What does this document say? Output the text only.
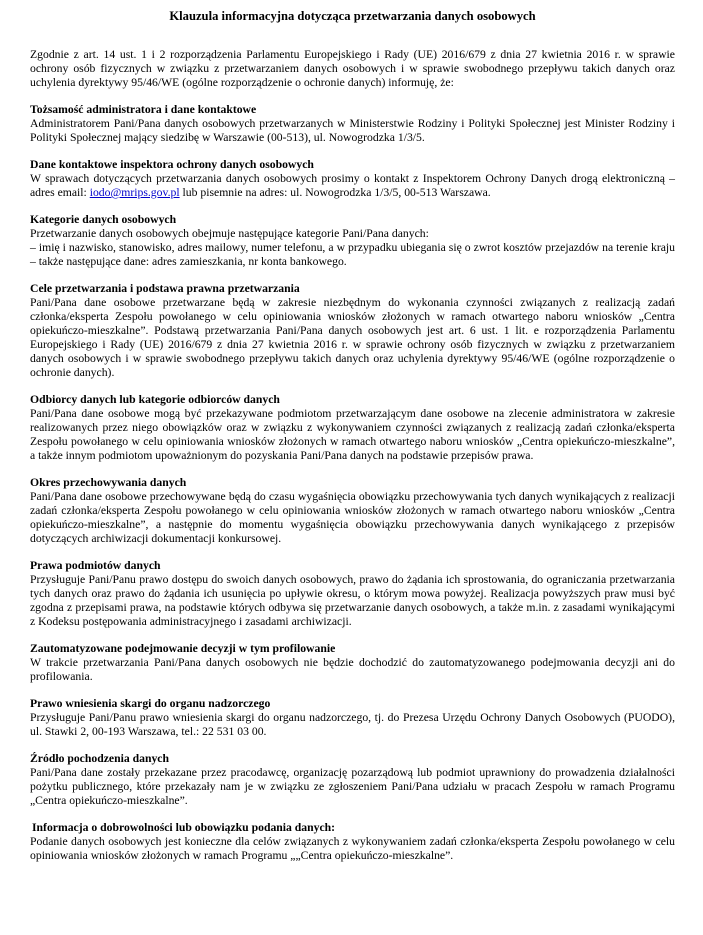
Klauzula informacyjna dotycząca przetwarzania danych osobowych

Zgodnie z art. 14 ust. 1 i 2 rozporządzenia Parlamentu Europejskiego i Rady (UE) 2016/679 z dnia 27 kwietnia 2016 r. w sprawie ochrony osób fizycznych w związku z przetwarzaniem danych osobowych i w sprawie swobodnego przepływu takich danych oraz uchylenia dyrektywy 95/46/WE (ogólne rozporządzenie o ochronie danych) informuję, że:

Tożsamość administratora i dane kontaktowe

Administratorem Pani/Pana danych osobowych przetwarzanych w Ministerstwie Rodziny i Polityki Społecznej jest Minister Rodziny i Polityki Społecznej mający siedzibę w Warszawie (00-513), ul. Nowogrodzka 1/3/5.

Dane kontaktowe inspektora ochrony danych osobowych

W sprawach dotyczących przetwarzania danych osobowych prosimy o kontakt z Inspektorem Ochrony Danych drogą elektroniczną – adres email: iodo@mrips.gov.pl lub pisemnie na adres: ul. Nowogrodzka 1/3/5, 00-513 Warszawa.

Kategorie danych osobowych

Przetwarzanie danych osobowych obejmuje następujące kategorie Pani/Pana danych:

– imię i nazwisko, stanowisko, adres mailowy, numer telefonu, a w przypadku ubiegania się o zwrot kosztów przejazdów na terenie kraju – także następujące dane: adres zamieszkania, nr konta bankowego.

Cele przetwarzania i podstawa prawna przetwarzania

Pani/Pana dane osobowe przetwarzane będą w zakresie niezbędnym do wykonania czynności związanych z realizacją zadań członka/eksperta Zespołu powołanego w celu opiniowania wniosków złożonych w ramach otwartego naboru wniosków „Centra opiekuńczo-mieszkalne”. Podstawą przetwarzania Pani/Pana danych osobowych jest art. 6 ust. 1 lit. e rozporządzenia Parlamentu Europejskiego i Rady (UE) 2016/679 z dnia 27 kwietnia 2016 r. w sprawie ochrony osób fizycznych w związku z przetwarzaniem danych osobowych i w sprawie swobodnego przepływu takich danych oraz uchylenia dyrektywy 95/46/WE (ogólne rozporządzenie o ochronie danych).

Odbiorcy danych lub kategorie odbiorców danych

Pani/Pana dane osobowe mogą być przekazywane podmiotom przetwarzającym dane osobowe na zlecenie administratora w zakresie realizowanych przez niego obowiązków oraz w związku z wykonywaniem czynności związanych z realizacją zadań członka/eksperta Zespołu powołanego w celu opiniowania wniosków złożonych w ramach otwartego naboru wniosków „Centra opiekuńczo-mieszkalne”, a także innym podmiotom upoważnionym do pozyskania Pani/Pana danych na podstawie przepisów prawa.

Okres przechowywania danych

Pani/Pana dane osobowe przechowywane będą do czasu wygaśnięcia obowiązku przechowywania tych danych wynikających z realizacji zadań członka/eksperta Zespołu powołanego w celu opiniowania wniosków złożonych w ramach otwartego naboru wniosków „Centra opiekuńczo-mieszkalne”, a następnie do momentu wygaśnięcia obowiązku przechowywania danych wynikającego z przepisów dotyczących archiwizacji dokumentacji konkursowej.

Prawa podmiotów danych

Przysługuje Pani/Panu prawo dostępu do swoich danych osobowych, prawo do żądania ich sprostowania, do ograniczania przetwarzania tych danych oraz prawo do żądania ich usunięcia po upływie okresu, o którym mowa powyżej. Realizacja powyższych praw musi być zgodna z przepisami prawa, na podstawie których odbywa się przetwarzanie danych osobowych, a także m.in. z zasadami wynikającymi z Kodeksu postępowania administracyjnego i zasadami archiwizacji.

Zautomatyzowane podejmowanie decyzji w tym profilowanie

W trakcie przetwarzania Pani/Pana danych osobowych nie będzie dochodzić do zautomatyzowanego podejmowania decyzji ani do profilowania.

Prawo wniesienia skargi do organu nadzorczego

Przysługuje Pani/Panu prawo wniesienia skargi do organu nadzorczego, tj. do Prezesa Urzędu Ochrony Danych Osobowych (PUODO), ul. Stawki 2, 00-193 Warszawa, tel.: 22 531 03 00.

Źródło pochodzenia danych

Pani/Pana dane zostały przekazane przez pracodawcę, organizację pozarządową lub podmiot uprawniony do prowadzenia działalności pożytku publicznego, które przekazały nam je w związku ze zgłoszeniem Pani/Pana udziału w pracach Zespołu w ramach Programu „Centra opiekuńczo-mieszkalne”.

Informacja o dobrowolności lub obowiązku podania danych:

Podanie danych osobowych jest konieczne dla celów związanych z wykonywaniem zadań członka/eksperta Zespołu powołanego w celu opiniowania wniosków złożonych w ramach Programu „„Centra opiekuńczo-mieszkalne”.
